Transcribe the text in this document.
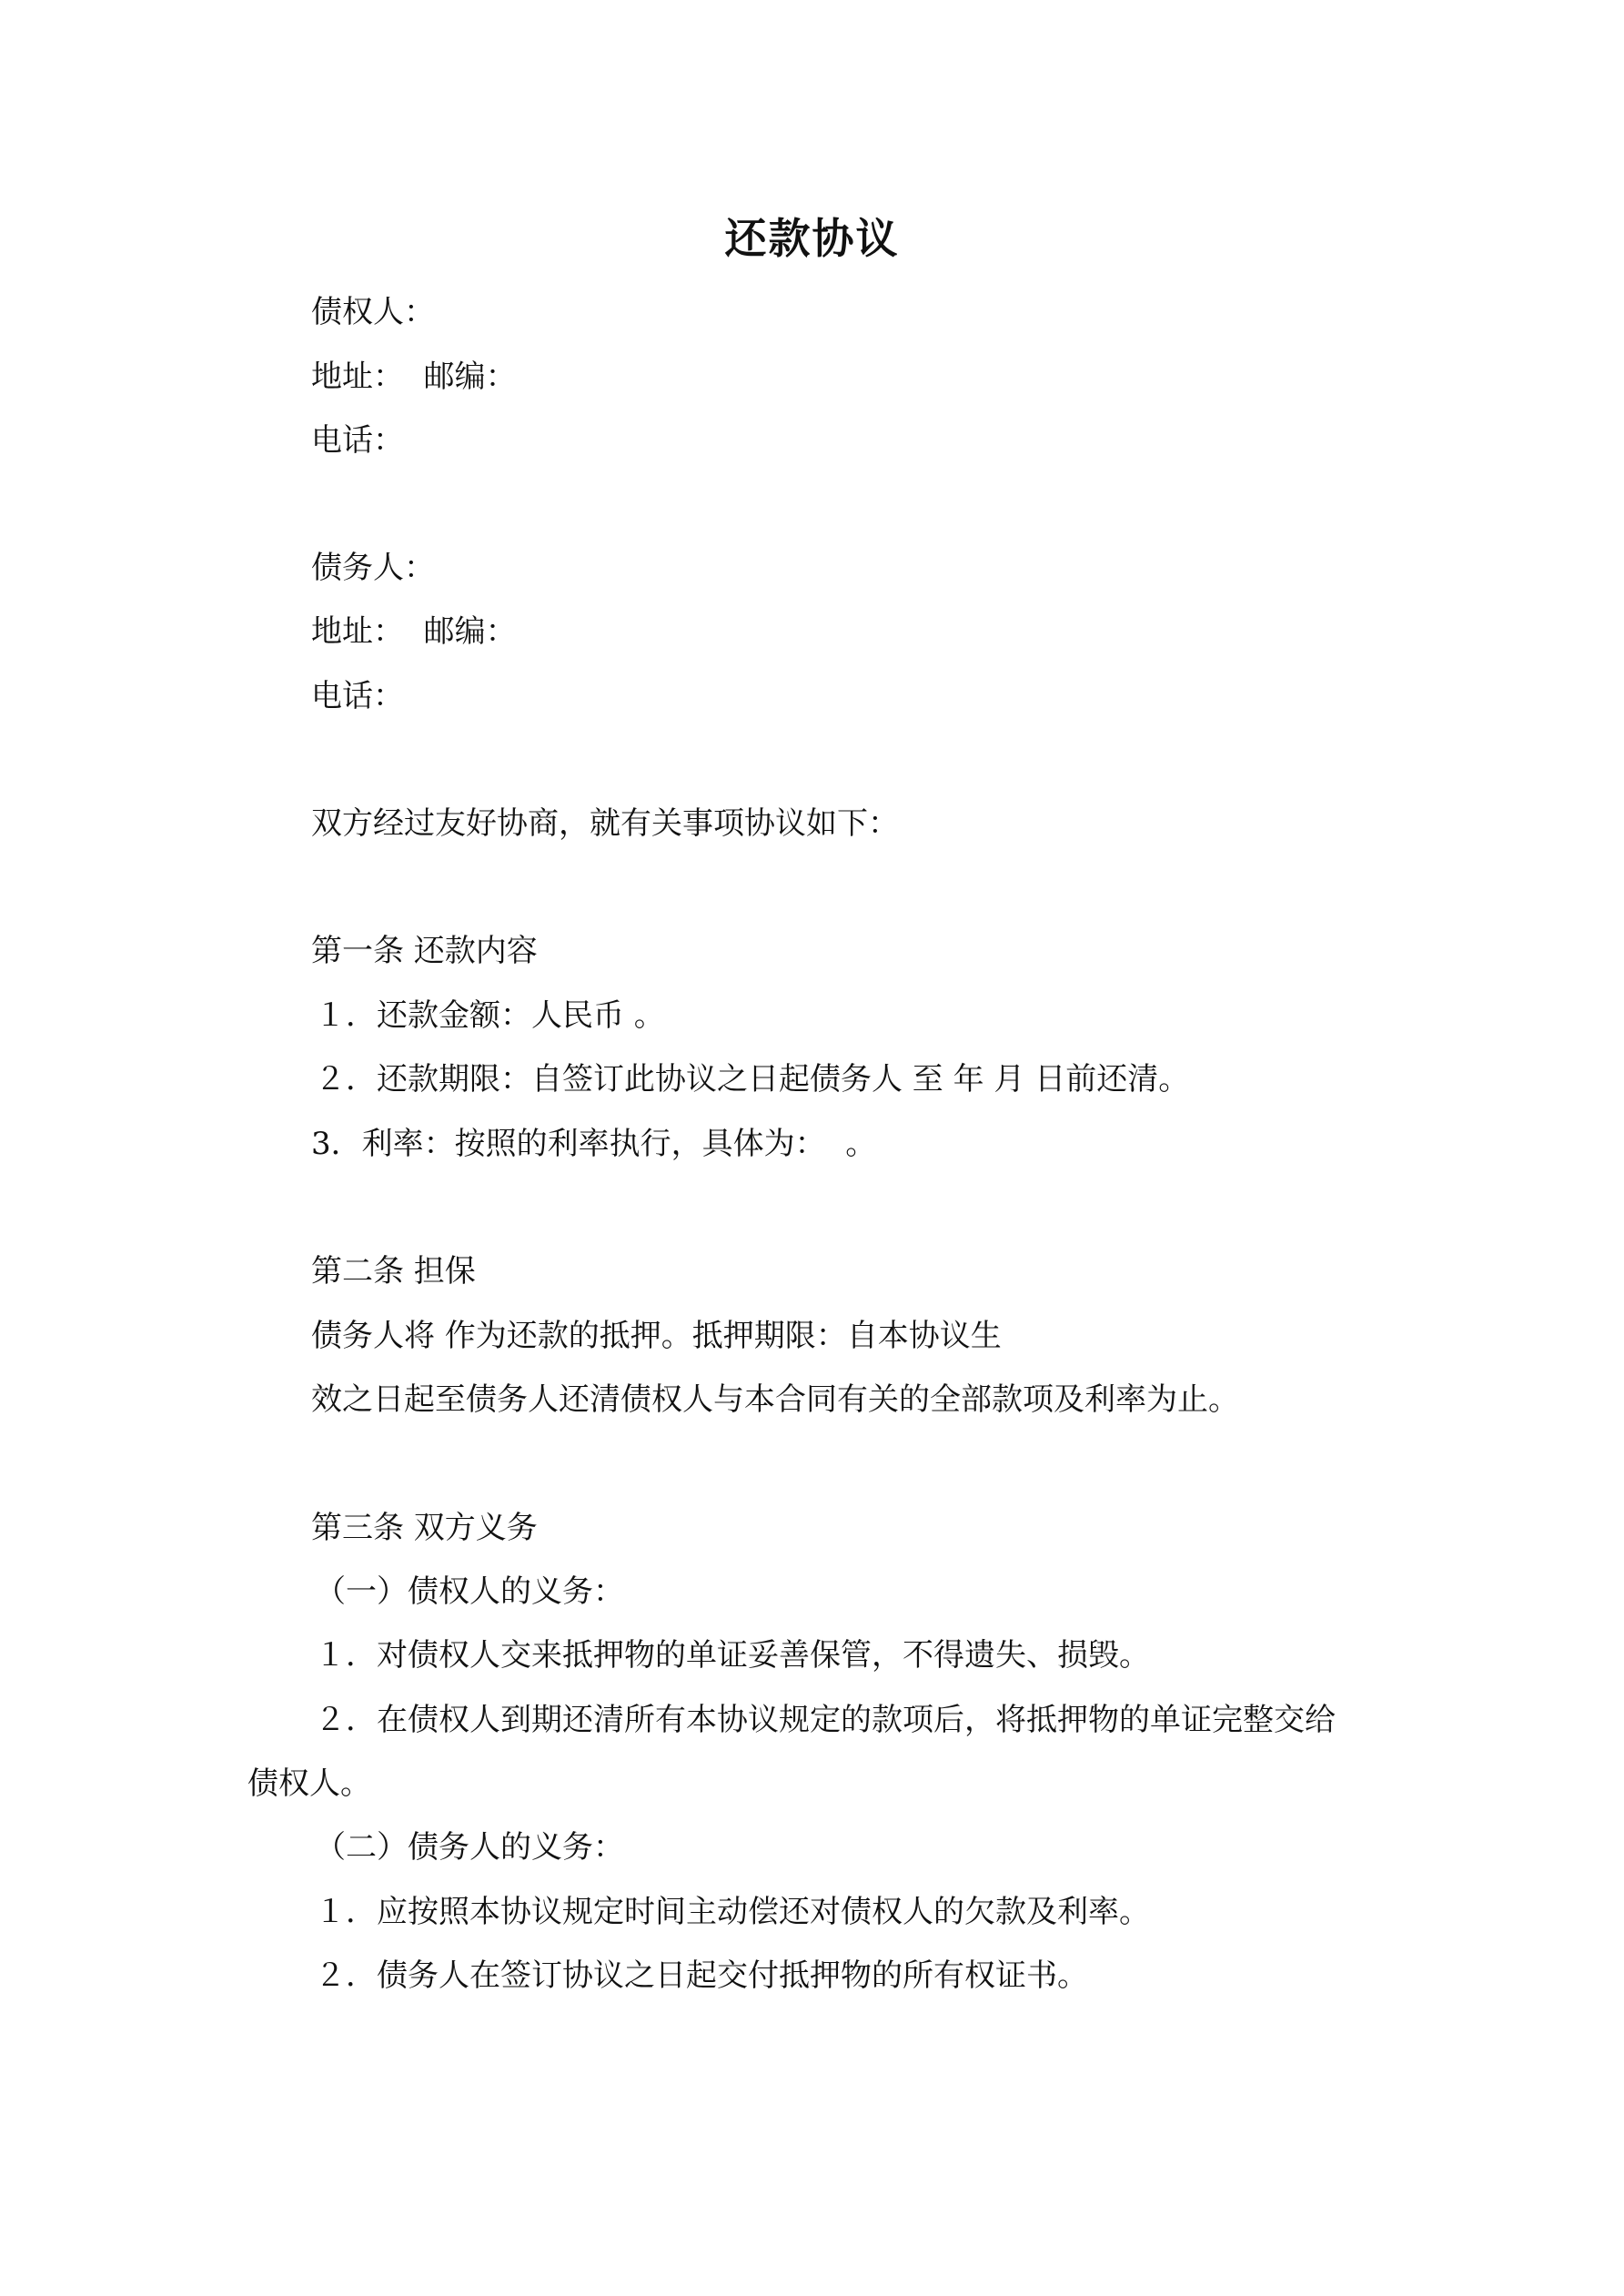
还款协议
债权人：
地址：  邮编：
电话：
债务人：
地址：  邮编：
电话：
双方经过友好协商，就有关事项协议如下：
第一条 还款内容
１．还款金额：人民币 。
２．还款期限：自签订此协议之日起债务人 至 年 月 日前还清。
3．利率：按照的利率执行，具体为：  。
第二条 担保
债务人将 作为还款的抵押。抵押期限：自本协议生
效之日起至债务人还清债权人与本合同有关的全部款项及利率为止。
第三条 双方义务
（一）债权人的义务：
１．对债权人交来抵押物的单证妥善保管，不得遗失、损毁。
２．在债权人到期还清所有本协议规定的款项后，将抵押物的单证完整交给
债权人。
（二）债务人的义务：
１．应按照本协议规定时间主动偿还对债权人的欠款及利率。
２．债务人在签订协议之日起交付抵押物的所有权证书。
